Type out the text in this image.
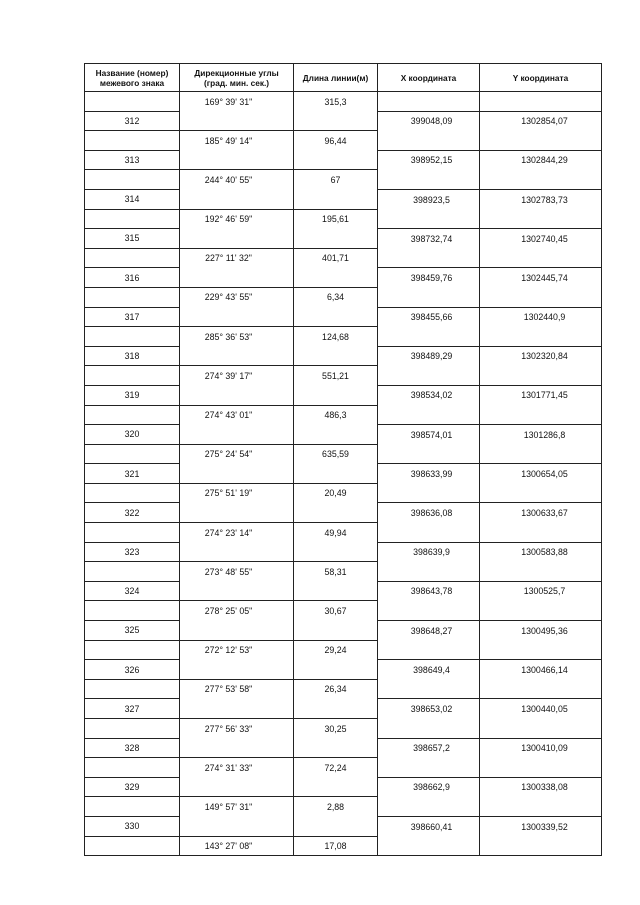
Название (номер) межевого знака	Дирекционные углы (град. мин. сек.)	Длина линии(м)	X координата	Y координата
	169° 39' 31"	315,3		
312			399048,09	1302854,07
	185° 49' 14"	96,44		
313			398952,15	1302844,29
	244° 40' 55"	67		
314			398923,5	1302783,73
	192° 46' 59"	195,61		
315			398732,74	1302740,45
	227° 11' 32"	401,71		
316			398459,76	1302445,74
	229° 43' 55"	6,34		
317			398455,66	1302440,9
	285° 36' 53"	124,68		
318			398489,29	1302320,84
	274° 39' 17"	551,21		
319			398534,02	1301771,45
	274° 43' 01"	486,3		
320			398574,01	1301286,8
	275° 24' 54"	635,59		
321			398633,99	1300654,05
	275° 51' 19"	20,49		
322			398636,08	1300633,67
	274° 23' 14"	49,94		
323			398639,9	1300583,88
	273° 48' 55"	58,31		
324			398643,78	1300525,7
	278° 25' 05"	30,67		
325			398648,27	1300495,36
	272° 12' 53"	29,24		
326			398649,4	1300466,14
	277° 53' 58"	26,34		
327			398653,02	1300440,05
	277° 56' 33"	30,25		
328			398657,2	1300410,09
	274° 31' 33"	72,24		
329			398662,9	1300338,08
	149° 57' 31"	2,88		
330			398660,41	1300339,52
	143° 27' 08"	17,08		
